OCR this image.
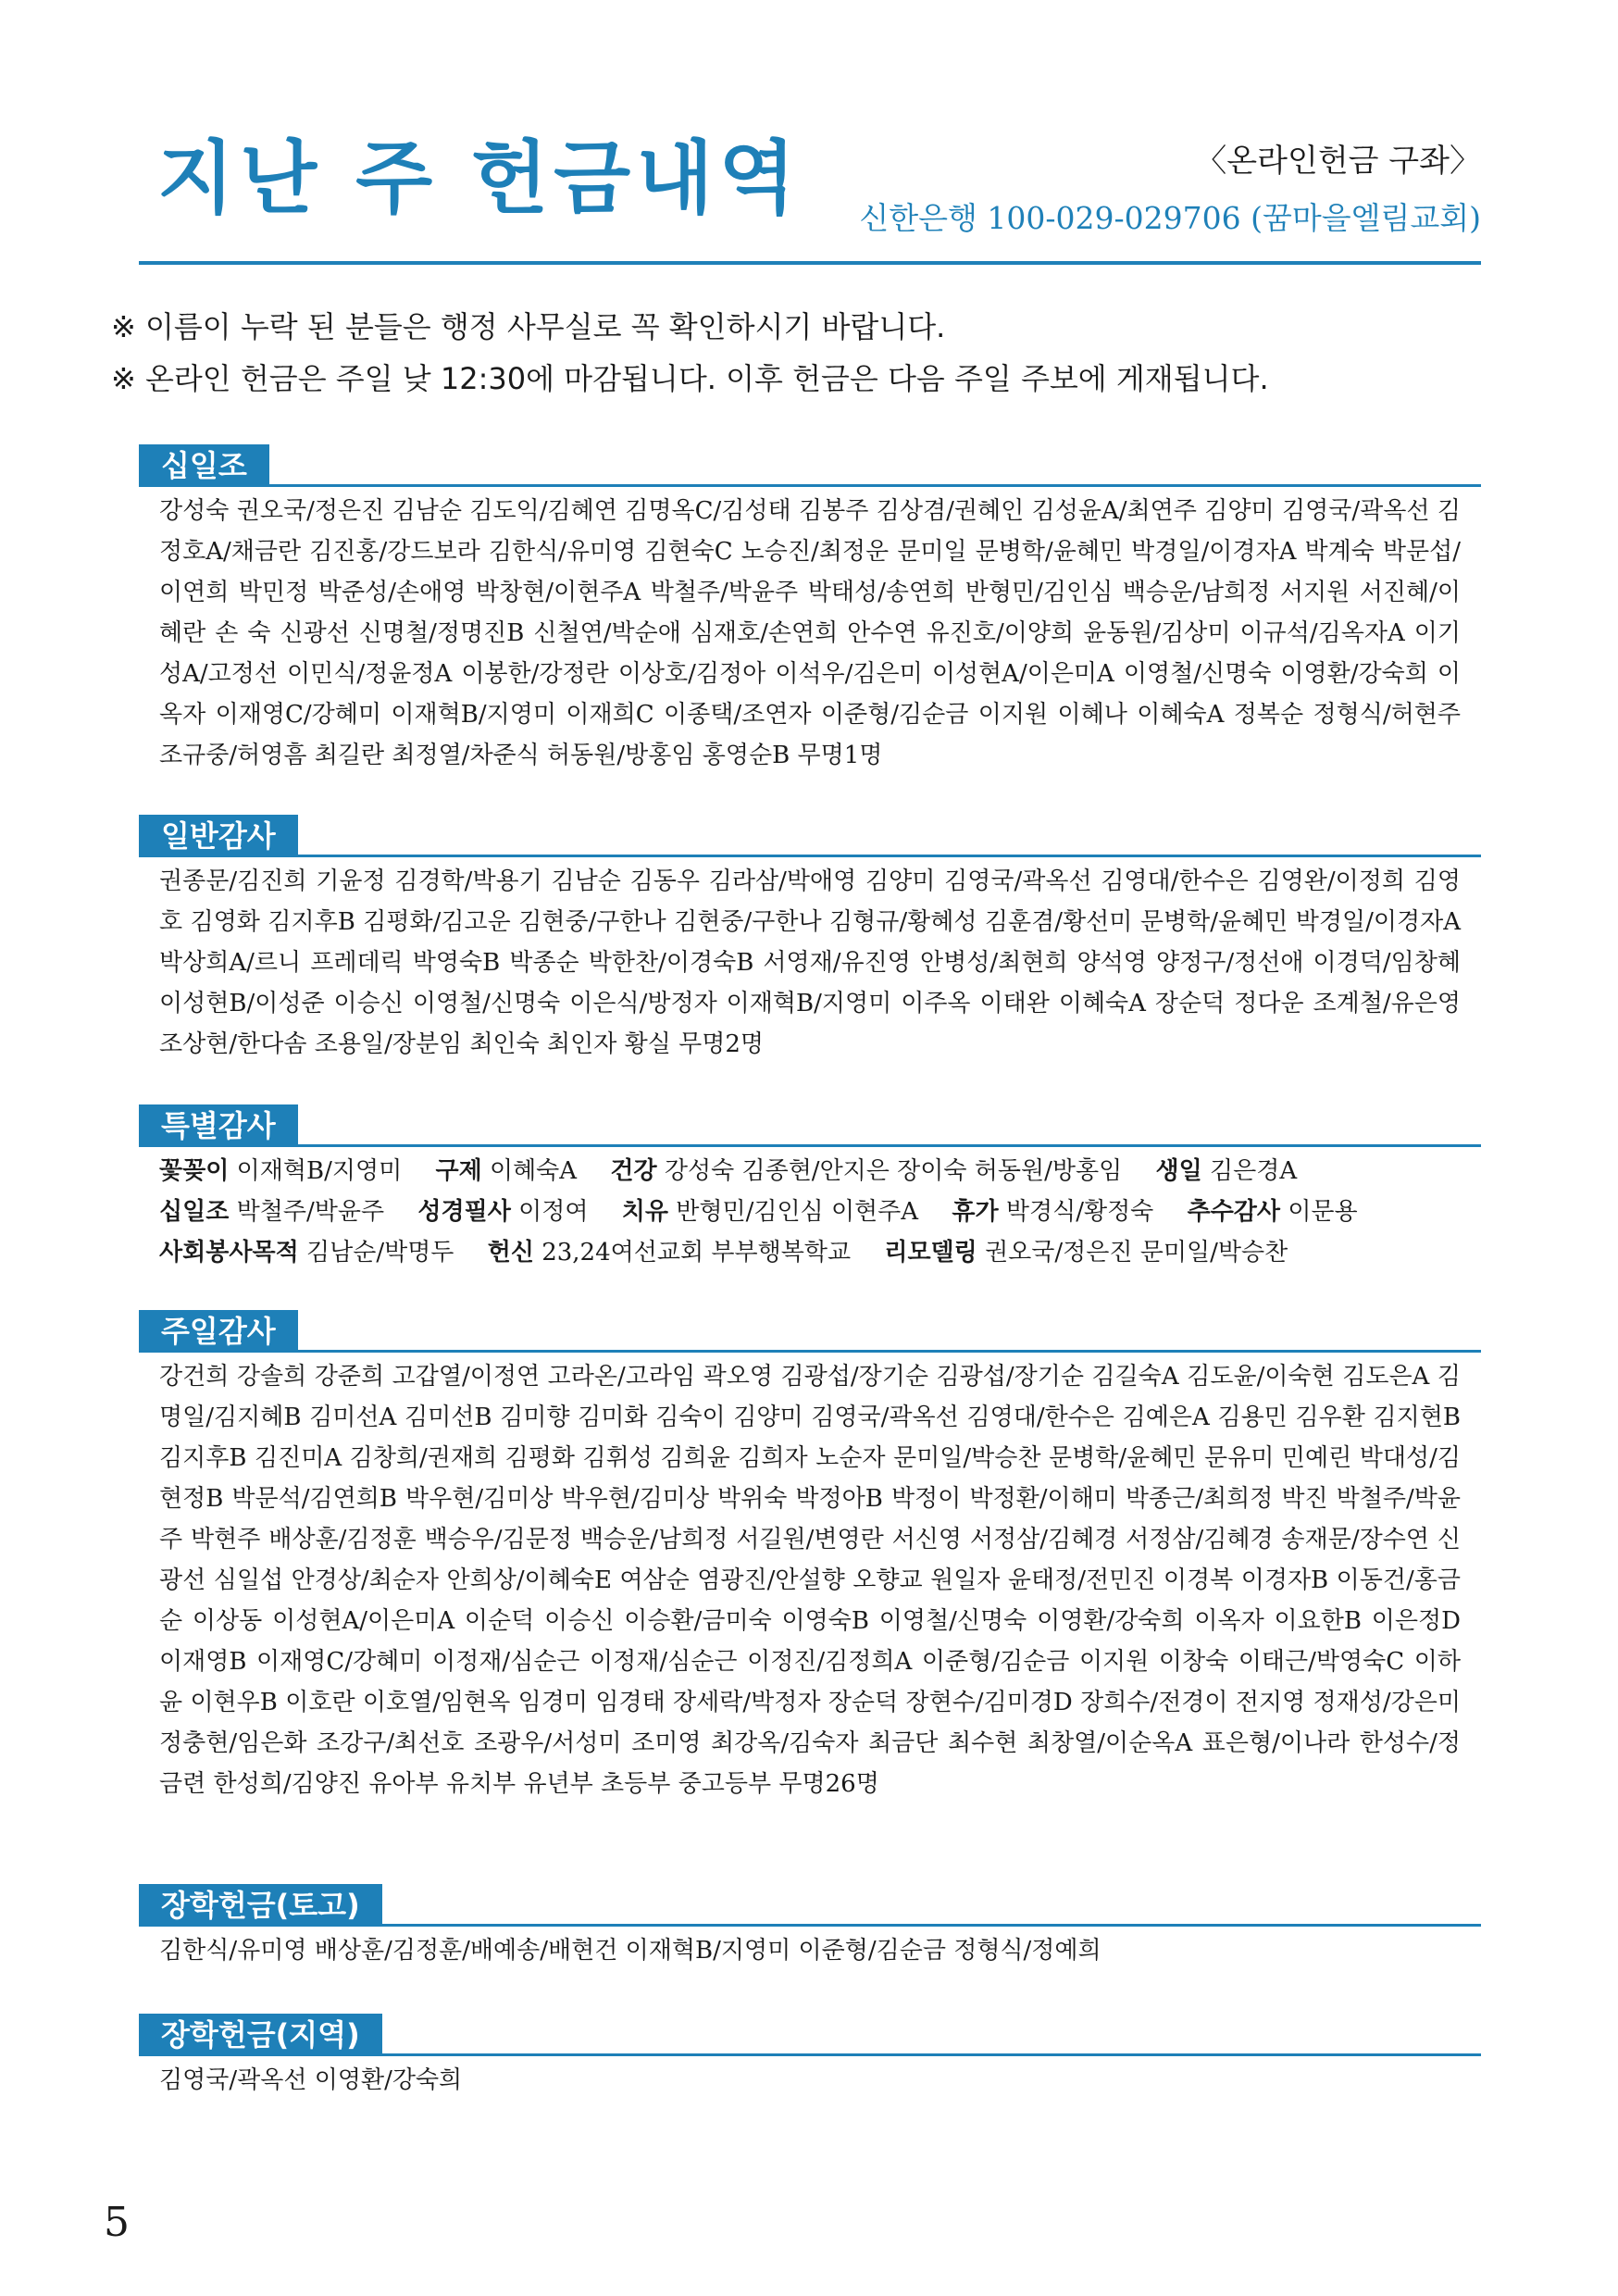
지난 주 헌금내역	〈온라인헌금 구좌〉
신한은행 100-029-029706 (꿈마을엘림교회)
※ 이름이 누락 된 분들은 행정 사무실로 꼭 확인하시기 바랍니다.
※ 온라인 헌금은 주일 낮 12:30에 마감됩니다. 이후 헌금은 다음 주일 주보에 게재됩니다.
십일조
강성숙 권오국/정은진 김남순 김도익/김혜연 김명옥C/김성태 김봉주 김상겸/권혜인 김성윤A/최연주 김양미 김영국/곽옥선 김정호A/채금란 김진홍/강드보라 김한식/유미영 김현숙C 노승진/최정운 문미일 문병학/윤혜민 박경일/이경자A 박계숙 박문섭/이연희 박민정 박준성/손애영 박창현/이현주A 박철주/박윤주 박태성/송연희 반형민/김인심 백승운/남희정 서지원 서진혜/이혜란 손 숙 신광선 신명철/정명진B 신철연/박순애 심재호/손연희 안수연 유진호/이양희 윤동원/김상미 이규석/김옥자A 이기성A/고정선 이민식/정윤정A 이봉한/강정란 이상호/김정아 이석우/김은미 이성현A/이은미A 이영철/신명숙 이영환/강숙희 이옥자 이재영C/강혜미 이재혁B/지영미 이재희C 이종택/조연자 이준형/김순금 이지원 이혜나 이혜숙A 정복순 정형식/허현주 조규중/허영흠 최길란 최정열/차준식 허동원/방홍임 홍영순B 무명1명
일반감사
권종문/김진희 기윤정 김경학/박용기 김남순 김동우 김라삼/박애영 김양미 김영국/곽옥선 김영대/한수은 김영완/이정희 김영호 김영화 김지후B 김평화/김고운 김현중/구한나 김현중/구한나 김형규/황혜성 김훈겸/황선미 문병학/윤혜민 박경일/이경자A 박상희A/르니 프레데릭 박영숙B 박종순 박한찬/이경숙B 서영재/유진영 안병성/최현희 양석영 양정구/정선애 이경덕/임창혜 이성현B/이성준 이승신 이영철/신명숙 이은식/방정자 이재혁B/지영미 이주옥 이태완 이혜숙A 장순덕 정다운 조계철/유은영 조상현/한다솜 조용일/장분임 최인숙 최인자 황실 무명2명
특별감사
꽃꽂이 이재혁B/지영미 구제 이혜숙A 건강 강성숙 김종현/안지은 장이숙 허동원/방홍임 생일 김은경A
십일조 박철주/박윤주 성경필사 이정여 치유 반형민/김인심 이현주A 휴가 박경식/황정숙 추수감사 이문용
사회봉사목적 김남순/박명두 헌신 23,24여선교회 부부행복학교 리모델링 권오국/정은진 문미일/박승찬
주일감사
강건희 강솔희 강준희 고갑열/이정연 고라온/고라임 곽오영 김광섭/장기순 김광섭/장기순 김길숙A 김도윤/이숙현 김도은A 김명일/김지혜B 김미선A 김미선B 김미향 김미화 김숙이 김양미 김영국/곽옥선 김영대/한수은 김예은A 김용민 김우환 김지현B 김지후B 김진미A 김창희/권재희 김평화 김휘성 김희윤 김희자 노순자 문미일/박승찬 문병학/윤혜민 문유미 민예린 박대성/김현정B 박문석/김연희B 박우현/김미상 박우현/김미상 박위숙 박정아B 박정이 박정환/이해미 박종근/최희정 박진 박철주/박윤주 박현주 배상훈/김정훈 백승우/김문정 백승운/남희정 서길원/변영란 서신영 서정삼/김혜경 서정삼/김혜경 송재문/장수연 신광선 심일섭 안경상/최순자 안희상/이혜숙E 여삼순 염광진/안설향 오향교 원일자 윤태정/전민진 이경복 이경자B 이동건/홍금순 이상동 이성현A/이은미A 이순덕 이승신 이승환/금미숙 이영숙B 이영철/신명숙 이영환/강숙희 이옥자 이요한B 이은정D 이재영B 이재영C/강혜미 이정재/심순근 이정재/심순근 이정진/김정희A 이준형/김순금 이지원 이창숙 이태근/박영숙C 이하윤 이현우B 이호란 이호열/임현옥 임경미 임경태 장세락/박정자 장순덕 장현수/김미경D 장희수/전경이 전지영 정재성/강은미 정충현/임은화 조강구/최선호 조광우/서성미 조미영 최강옥/김숙자 최금단 최수현 최창열/이순옥A 표은형/이나라 한성수/정금련 한성희/김양진 유아부 유치부 유년부 초등부 중고등부 무명26명
장학헌금(토고)
김한식/유미영 배상훈/김정훈/배예송/배현건 이재혁B/지영미 이준형/김순금 정형식/정예희
장학헌금(지역)
김영국/곽옥선 이영환/강숙희
5
